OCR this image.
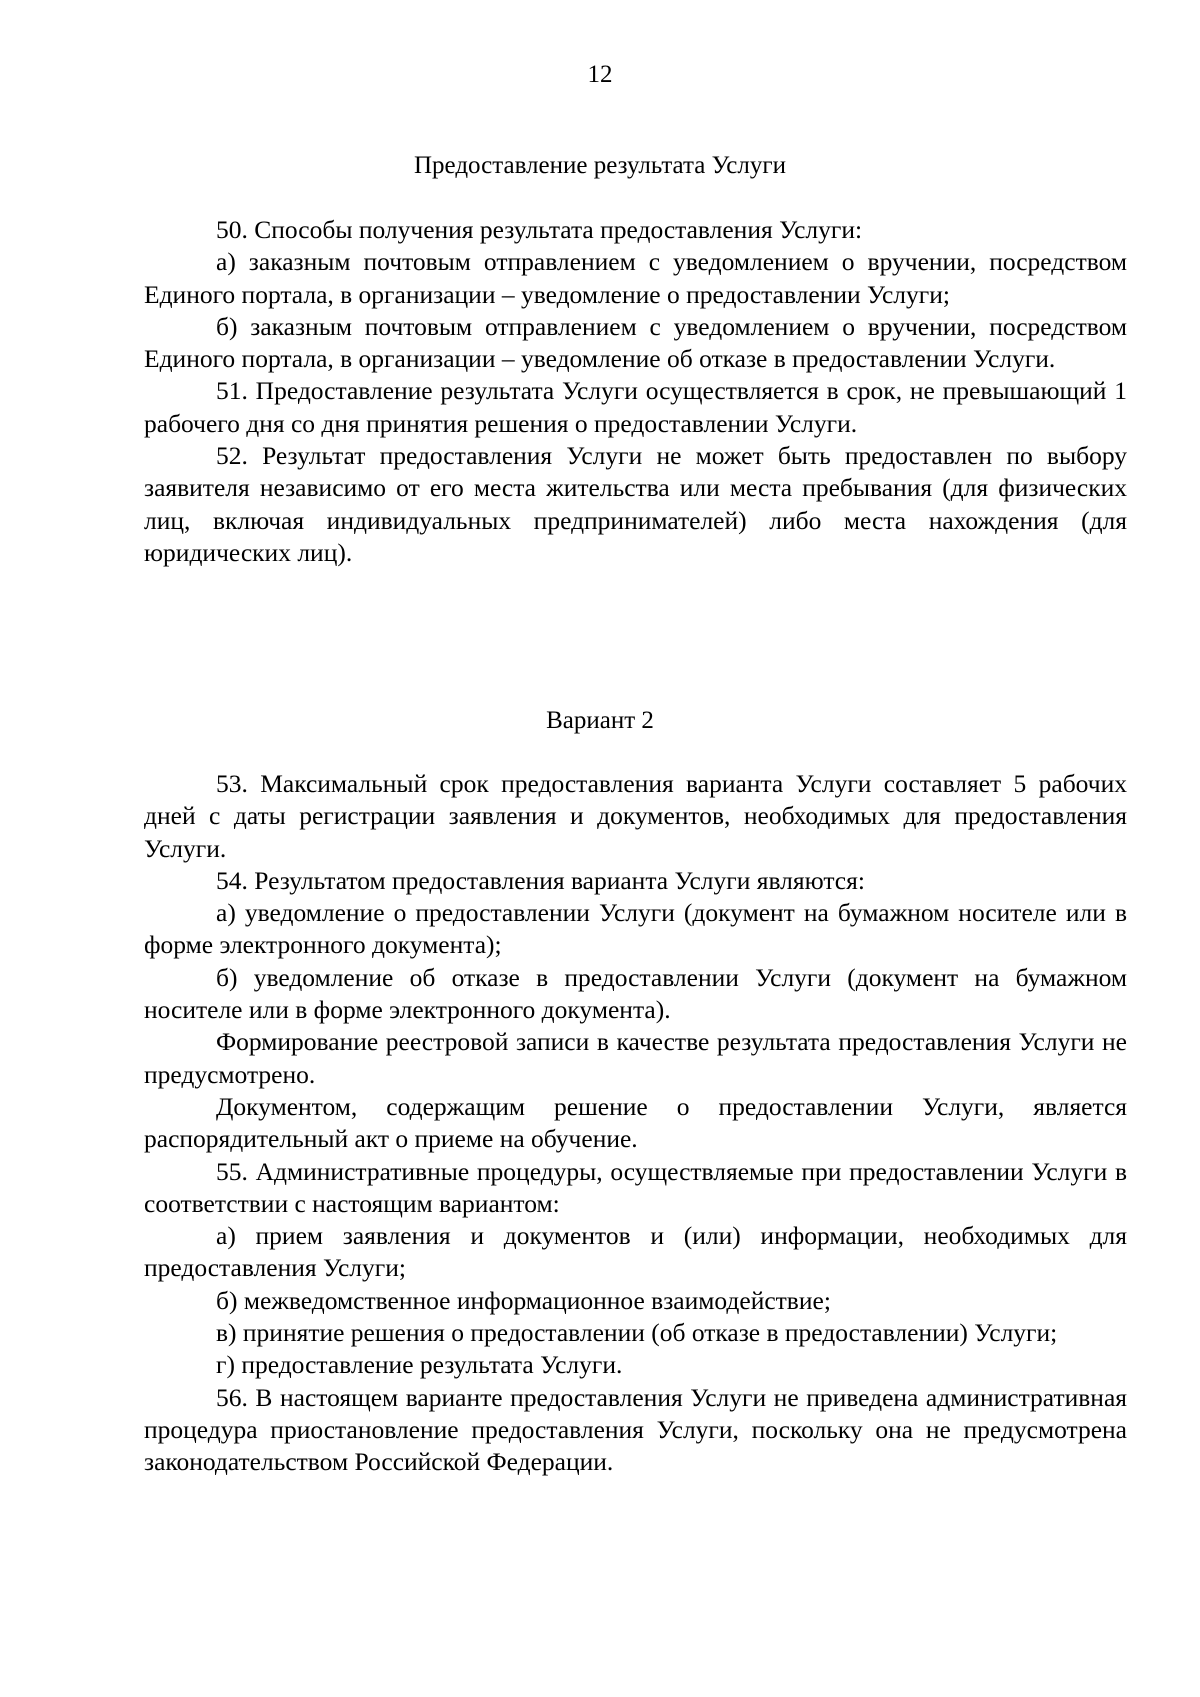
12
Предоставление результата Услуги

50. Способы получения результата предоставления Услуги:

а) заказным почтовым отправлением с уведомлением о вручении, посредством Единого портала, в организации – уведомление о предоставлении Услуги;

б) заказным почтовым отправлением с уведомлением о вручении, посредством Единого портала, в организации – уведомление об отказе в предоставлении Услуги.

51. Предоставление результата Услуги осуществляется в срок, не превышающий 1 рабочего дня со дня принятия решения о предоставлении Услуги.

52. Результат предоставления Услуги не может быть предоставлен по выбору заявителя независимо от его места жительства или места пребывания (для физических лиц, включая индивидуальных предпринимателей) либо места нахождения (для юридических лиц).

Вариант 2

53. Максимальный срок предоставления варианта Услуги составляет 5 рабочих дней с даты регистрации заявления и документов, необходимых для предоставления Услуги.

54. Результатом предоставления варианта Услуги являются:

а) уведомление о предоставлении Услуги (документ на бумажном носителе или в форме электронного документа);

б) уведомление об отказе в предоставлении Услуги (документ на бумажном носителе или в форме электронного документа).

Формирование реестровой записи в качестве результата предоставления Услуги не предусмотрено.

Документом, содержащим решение о предоставлении Услуги, является распорядительный акт о приеме на обучение.

55. Административные процедуры, осуществляемые при предоставлении Услуги в соответствии с настоящим вариантом:

а) прием заявления и документов и (или) информации, необходимых для предоставления Услуги;

б) межведомственное информационное взаимодействие;

в) принятие решения о предоставлении (об отказе в предоставлении) Услуги;

г) предоставление результата Услуги.

56. В настоящем варианте предоставления Услуги не приведена административная процедура приостановление предоставления Услуги, поскольку она не предусмотрена законодательством Российской Федерации.
